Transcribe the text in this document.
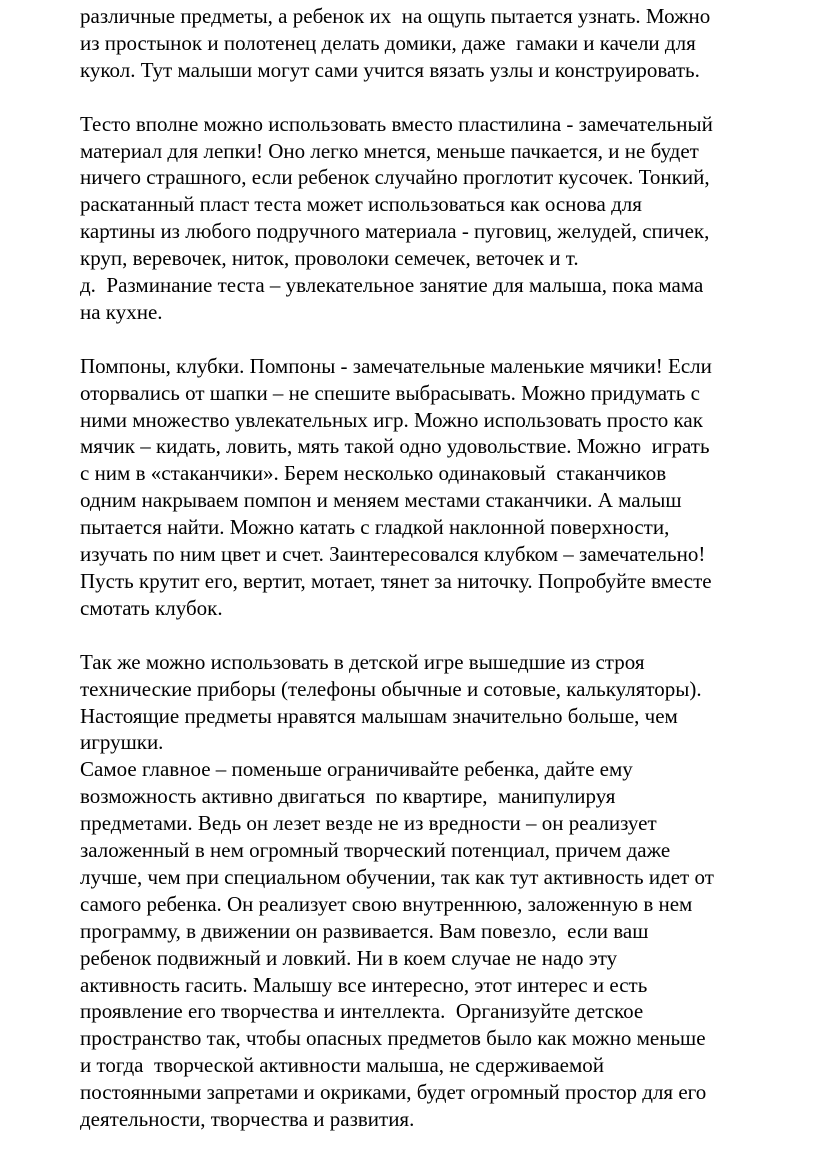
различные предметы, а ребенок их  на ощупь пытается узнать. Можно
из простынок и полотенец делать домики, даже  гамаки и качели для
кукол. Тут малыши могут сами учится вязать узлы и конструировать.

Тесто вполне можно использовать вместо пластилина - замечательный
материал для лепки! Оно легко мнется, меньше пачкается, и не будет
ничего страшного, если ребенок случайно проглотит кусочек. Тонкий,
раскатанный пласт теста может использоваться как основа для
картины из любого подручного материала - пуговиц, желудей, спичек,
круп, веревочек, ниток, проволоки семечек, веточек и т.
д.  Разминание теста – увлекательное занятие для малыша, пока мама
на кухне.

Помпоны, клубки. Помпоны - замечательные маленькие мячики! Если
оторвались от шапки – не спешите выбрасывать. Можно придумать с
ними множество увлекательных игр. Можно использовать просто как
мячик – кидать, ловить, мять такой одно удовольствие. Можно  играть
с ним в «стаканчики». Берем несколько одинаковый  стаканчиков
одним накрываем помпон и меняем местами стаканчики. А малыш
пытается найти. Можно катать с гладкой наклонной поверхности,
изучать по ним цвет и счет. Заинтересовался клубком – замечательно!
Пусть крутит его, вертит, мотает, тянет за ниточку. Попробуйте вместе
смотать клубок.

Так же можно использовать в детской игре вышедшие из строя
технические приборы (телефоны обычные и сотовые, калькуляторы).
Настоящие предметы нравятся малышам значительно больше, чем
игрушки.
Самое главное – поменьше ограничивайте ребенка, дайте ему
возможность активно двигаться  по квартире,  манипулируя
предметами. Ведь он лезет везде не из вредности – он реализует
заложенный в нем огромный творческий потенциал, причем даже
лучше, чем при специальном обучении, так как тут активность идет от
самого ребенка. Он реализует свою внутреннюю, заложенную в нем
программу, в движении он развивается. Вам повезло,  если ваш
ребенок подвижный и ловкий. Ни в коем случае не надо эту
активность гасить. Малышу все интересно, этот интерес и есть
проявление его творчества и интеллекта.  Организуйте детское
пространство так, чтобы опасных предметов было как можно меньше
и тогда  творческой активности малыша, не сдерживаемой
постоянными запретами и окриками, будет огромный простор для его
деятельности, творчества и развития.
